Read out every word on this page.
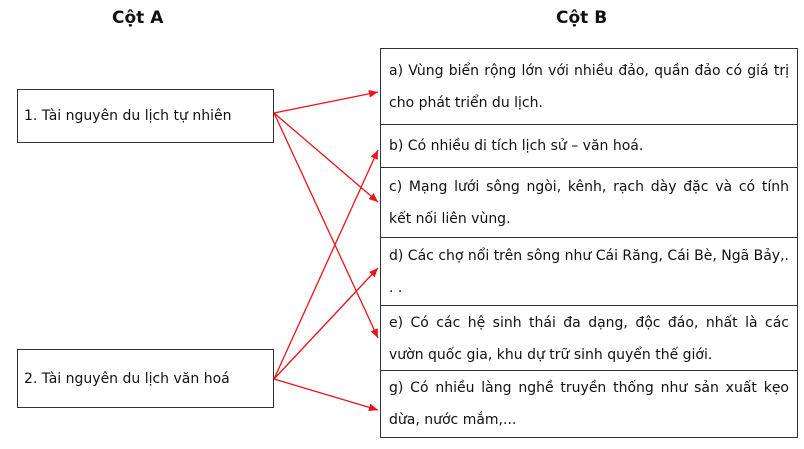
Cột A	Cột B
1. Tài nguyên du lịch tự nhiên
2. Tài nguyên du lịch văn hoá
a) Vùng biển rộng lớn với nhiều đảo, quần đảo có giá trị cho phát triển du lịch.
b) Có nhiều di tích lịch sử – văn hoá.
c) Mạng lưới sông ngòi, kênh, rạch dày đặc và có tính kết nối liên vùng.
d) Các chợ nổi trên sông như Cái Răng, Cái Bè, Ngã Bảy,. . .
e) Có các hệ sinh thái đa dạng, độc đáo, nhất là các vườn quốc gia, khu dự trữ sinh quyển thế giới.
g) Có nhiều làng nghề truyền thống như sản xuất kẹo dừa, nước mắm,...
